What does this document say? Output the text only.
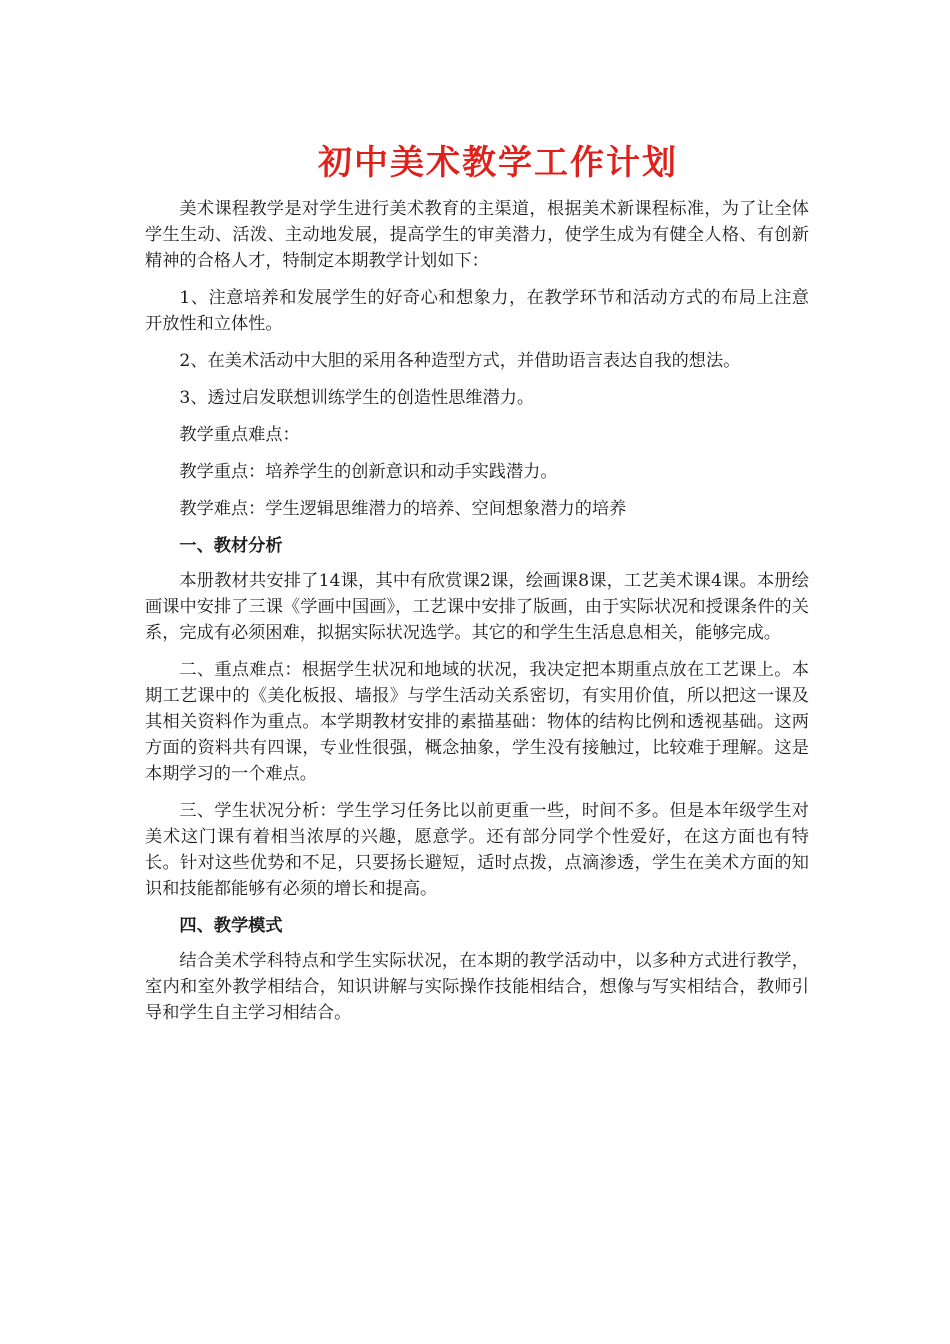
初中美术教学工作计划

美术课程教学是对学生进行美术教育的主渠道，根据美术新课程标准，为了让全体学生生动、活泼、主动地发展，提高学生的审美潜力，使学生成为有健全人格、有创新精神的合格人才，特制定本期教学计划如下：

1、注意培养和发展学生的好奇心和想象力，在教学环节和活动方式的布局上注意开放性和立体性。

2、在美术活动中大胆的采用各种造型方式，并借助语言表达自我的想法。

3、透过启发联想训练学生的创造性思维潜力。

教学重点难点：

教学重点：培养学生的创新意识和动手实践潜力。

教学难点：学生逻辑思维潜力的培养、空间想象潜力的培养

一、教材分析

本册教材共安排了14课，其中有欣赏课2课，绘画课8课，工艺美术课4课。本册绘画课中安排了三课《学画中国画》，工艺课中安排了版画，由于实际状况和授课条件的关系，完成有必须困难，拟据实际状况选学。其它的和学生生活息息相关，能够完成。

二、重点难点：根据学生状况和地域的状况，我决定把本期重点放在工艺课上。本期工艺课中的《美化板报、墙报》与学生活动关系密切，有实用价值，所以把这一课及其相关资料作为重点。本学期教材安排的素描基础：物体的结构比例和透视基础。这两方面的资料共有四课，专业性很强，概念抽象，学生没有接触过，比较难于理解。这是本期学习的一个难点。

三、学生状况分析：学生学习任务比以前更重一些，时间不多。但是本年级学生对美术这门课有着相当浓厚的兴趣，愿意学。还有部分同学个性爱好，在这方面也有特长。针对这些优势和不足，只要扬长避短，适时点拨，点滴渗透，学生在美术方面的知识和技能都能够有必须的增长和提高。

四、教学模式

结合美术学科特点和学生实际状况，在本期的教学活动中，以多种方式进行教学，室内和室外教学相结合，知识讲解与实际操作技能相结合，想像与写实相结合，教师引导和学生自主学习相结合。
